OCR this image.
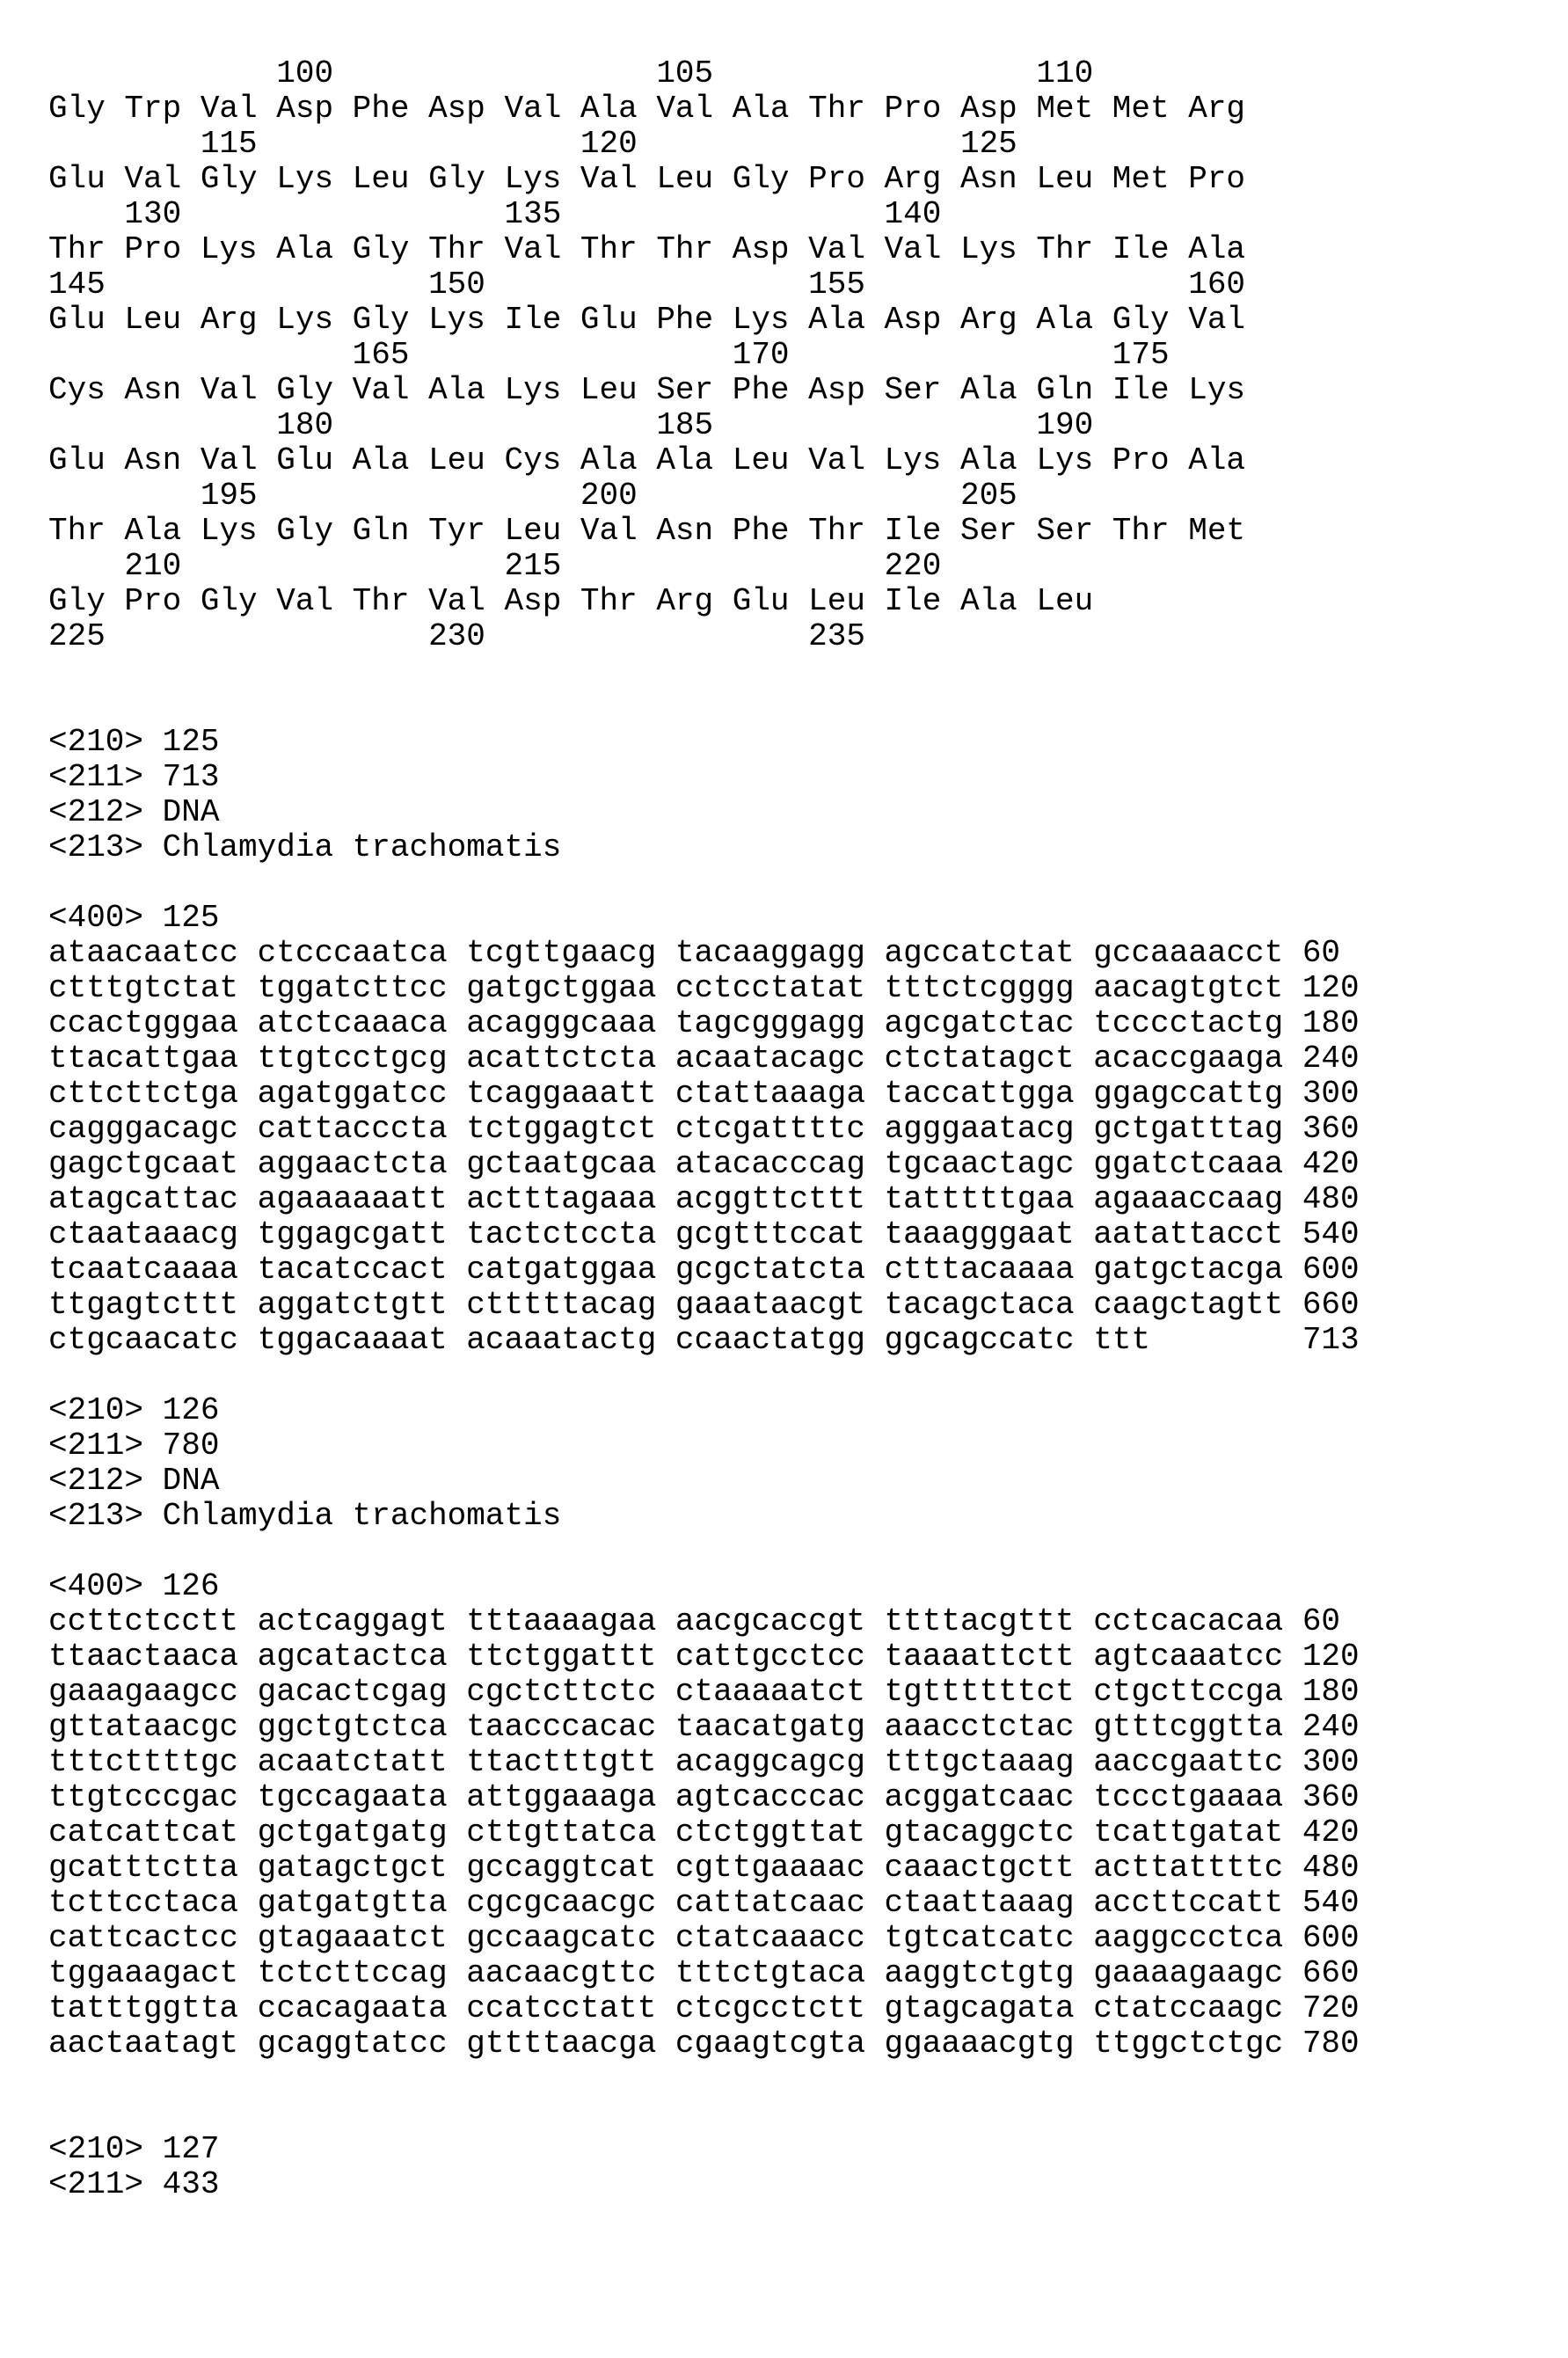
100                 105                 110
Gly Trp Val Asp Phe Asp Val Ala Val Ala Thr Pro Asp Met Met Arg
115                 120                 125
Glu Val Gly Lys Leu Gly Lys Val Leu Gly Pro Arg Asn Leu Met Pro
130                 135                 140
Thr Pro Lys Ala Gly Thr Val Thr Thr Asp Val Val Lys Thr Ile Ala
145                 150                 155                 160
Glu Leu Arg Lys Gly Lys Ile Glu Phe Lys Ala Asp Arg Ala Gly Val
165                 170                 175
Cys Asn Val Gly Val Ala Lys Leu Ser Phe Asp Ser Ala Gln Ile Lys
180                 185                 190
Glu Asn Val Glu Ala Leu Cys Ala Ala Leu Val Lys Ala Lys Pro Ala
195                 200                 205
Thr Ala Lys Gly Gln Tyr Leu Val Asn Phe Thr Ile Ser Ser Thr Met
210                 215                 220
Gly Pro Gly Val Thr Val Asp Thr Arg Glu Leu Ile Ala Leu
225                 230                 235
<210> 125
<211> 713
<212> DNA
<213> Chlamydia trachomatis
<400> 125
ataacaatcc ctcccaatca tcgttgaacg tacaaggagg agccatctat gccaaaacct 60
ctttgtctat tggatcttcc gatgctggaa cctcctatat tttctcgggg aacagtgtct 120
ccactgggaa atctcaaaca acagggcaaa tagcgggagg agcgatctac tcccctactg 180
ttacattgaa ttgtcctgcg acattctcta acaatacagc ctctatagct acaccgaaga 240
cttcttctga agatggatcc tcaggaaatt ctattaaaga taccattgga ggagccattg 300
cagggacagc cattacccta tctggagtct ctcgattttc agggaatacg gctgatttag 360
gagctgcaat aggaactcta gctaatgcaa atacacccag tgcaactagc ggatctcaaa 420
atagcattac agaaaaaatt actttagaaa acggttcttt tatttttgaa agaaaccaag 480
ctaataaacg tggagcgatt tactctccta gcgtttccat taaagggaat aatattacct 540
tcaatcaaaa tacatccact catgatggaa gcgctatcta ctttacaaaa gatgctacga 600
ttgagtcttt aggatctgtt ctttttacag gaaataacgt tacagctaca caagctagtt 660
ctgcaacatc tggacaaaat acaaatactg ccaactatgg ggcagccatc ttt        713
<210> 126
<211> 780
<212> DNA
<213> Chlamydia trachomatis
<400> 126
ccttctcctt actcaggagt tttaaaagaa aacgcaccgt ttttacgttt cctcacacaa 60
ttaactaaca agcatactca ttctggattt cattgcctcc taaaattctt agtcaaatcc 120
gaaagaagcc gacactcgag cgctcttctc ctaaaaatct tgttttttct ctgcttccga 180
gttataacgc ggctgtctca taacccacac taacatgatg aaacctctac gtttcggtta 240
tttcttttgc acaatctatt ttactttgtt acaggcagcg tttgctaaag aaccgaattc 300
ttgtcccgac tgccagaata attggaaaga agtcacccac acggatcaac tccctgaaaa 360
catcattcat gctgatgatg cttgttatca ctctggttat gtacaggctc tcattgatat 420
gcatttctta gatagctgct gccaggtcat cgttgaaaac caaactgctt acttattttc 480
tcttcctaca gatgatgtta cgcgcaacgc cattatcaac ctaattaaag accttccatt 540
cattcactcc gtagaaatct gccaagcatc ctatcaaacc tgtcatcatc aaggccctca 600
tggaaagact tctcttccag aacaacgttc tttctgtaca aaggtctgtg gaaaagaagc 660
tatttggtta ccacagaata ccatcctatt ctcgcctctt gtagcagata ctatccaagc 720
aactaatagt gcaggtatcc gttttaacga cgaagtcgta ggaaaacgtg ttggctctgc 780
<210> 127
<211> 433
